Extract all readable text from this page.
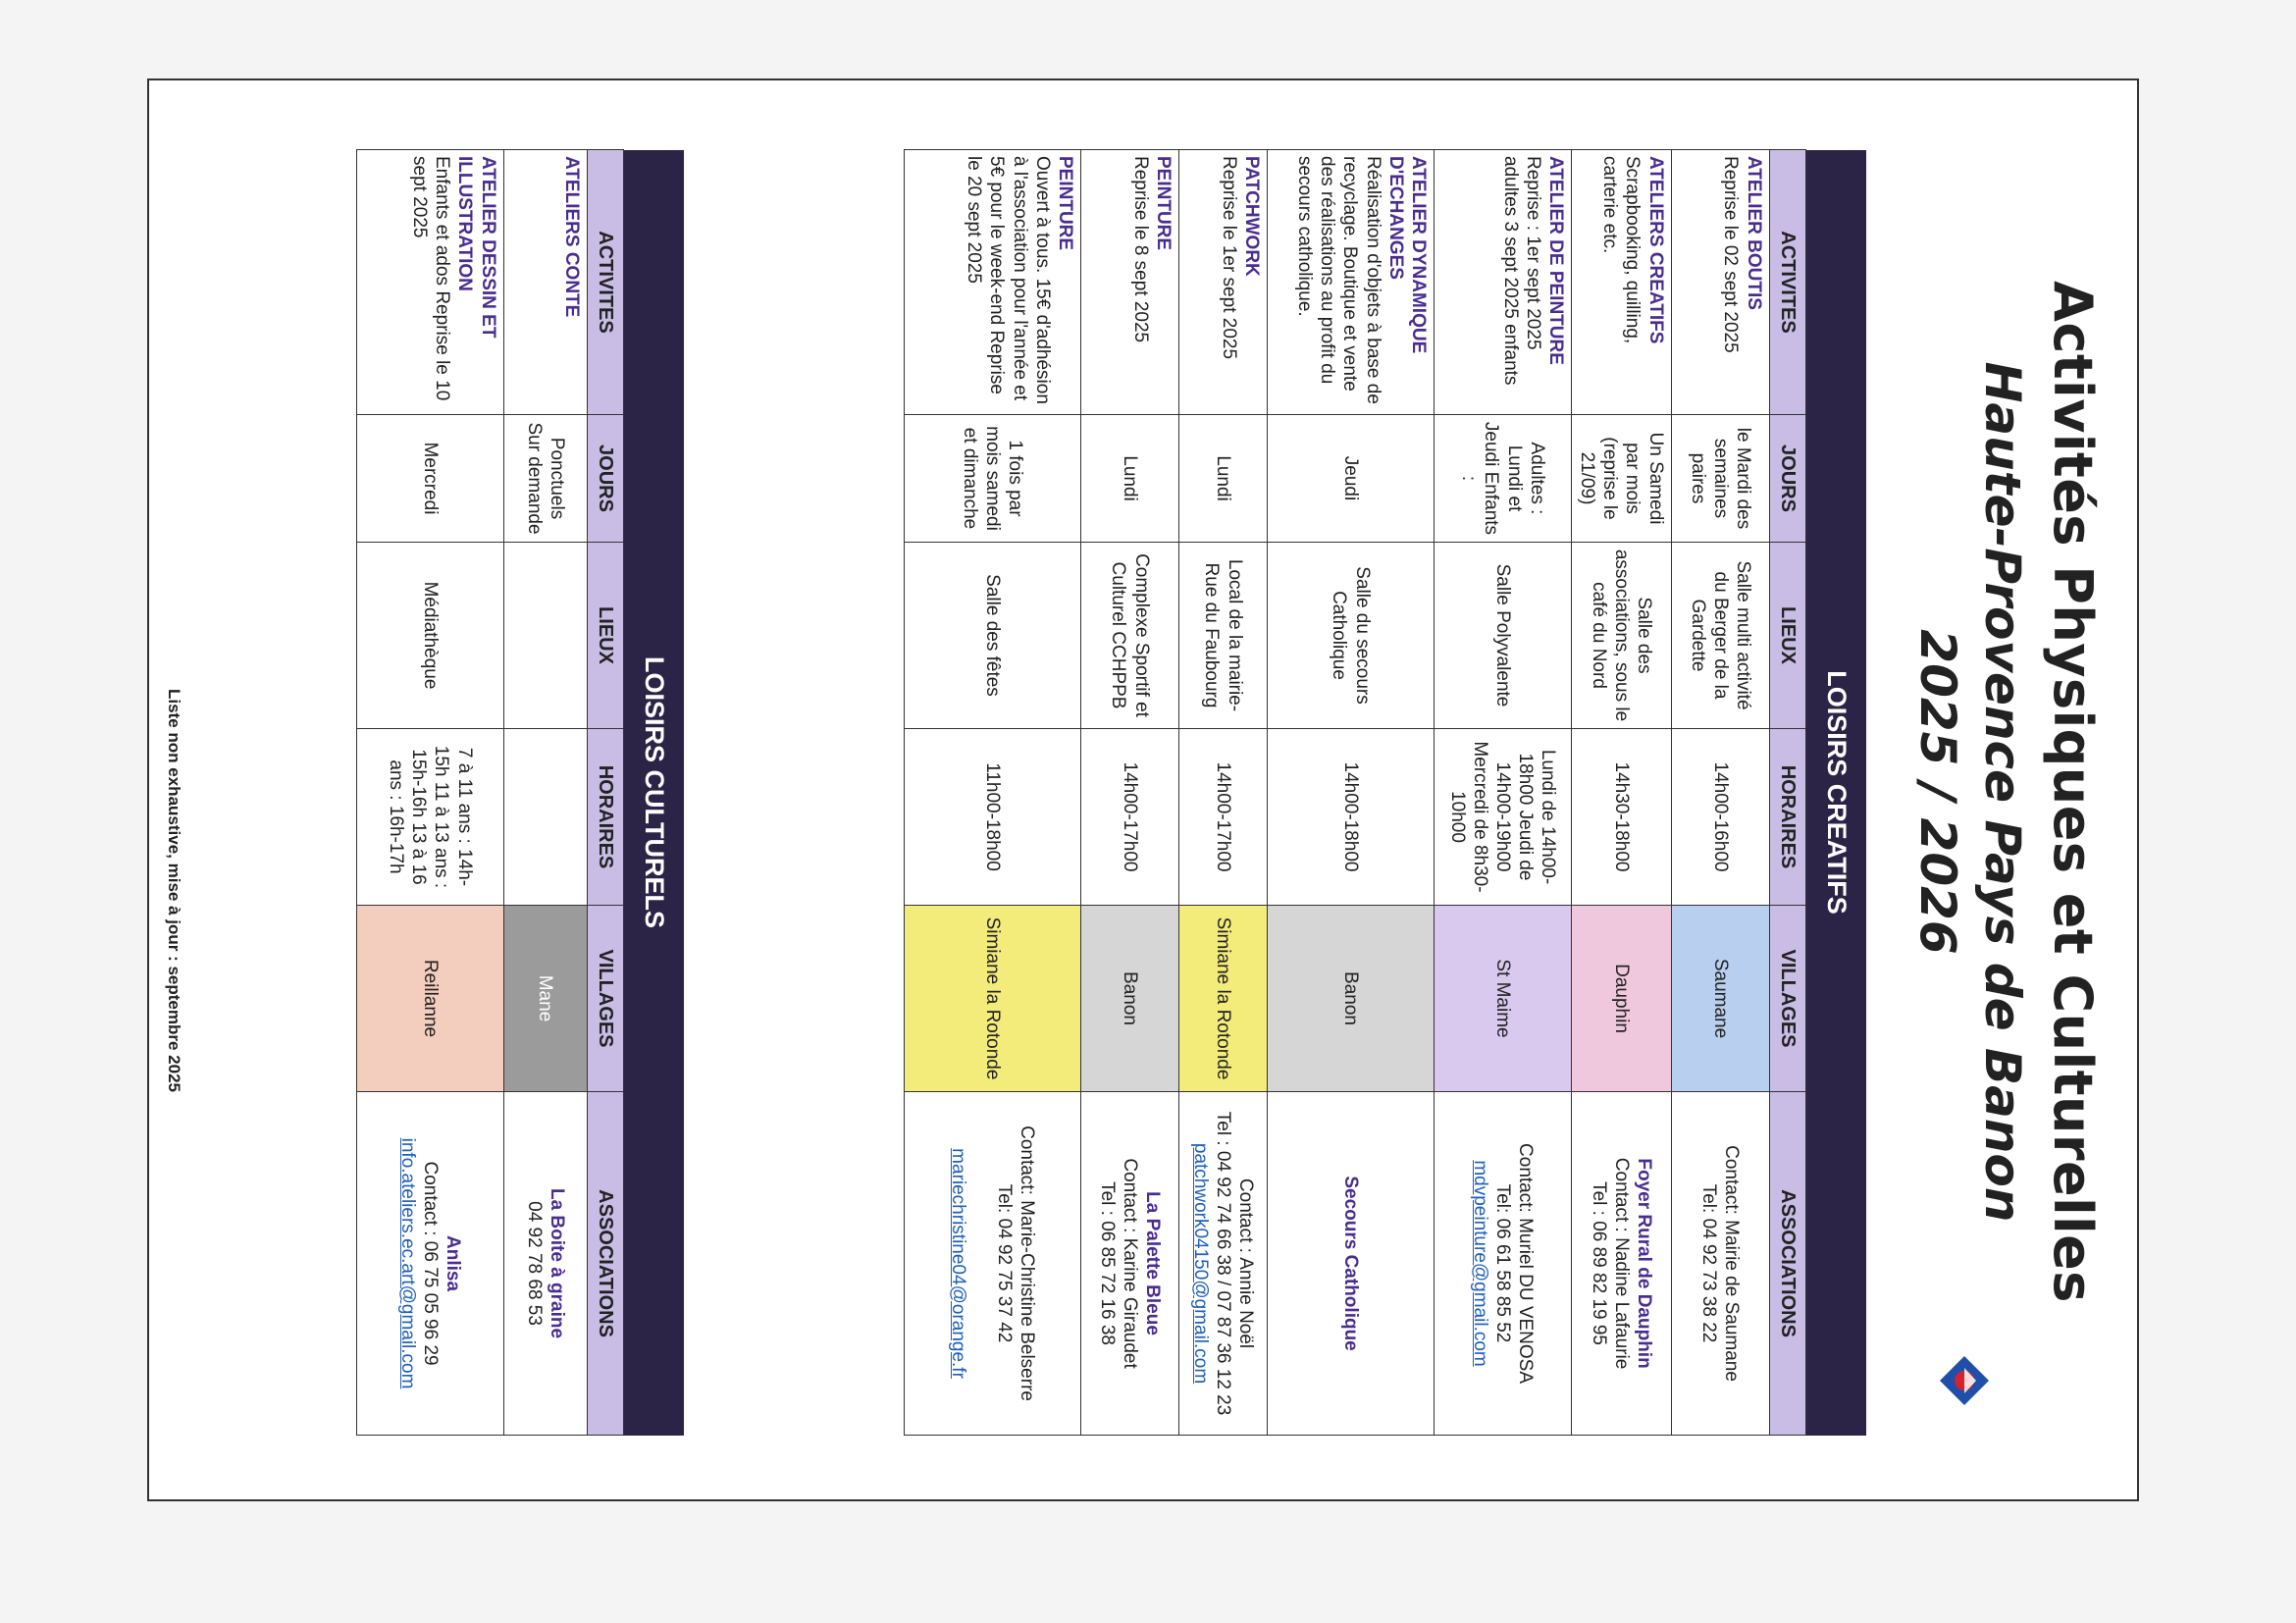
Activités Physiques et Culturelles
Haute-Provence Pays de Banon
2025 / 2026
LOISIRS CREATIFS					
ACTIVITES	JOURS	LIEUX	HORAIRES	VILLAGES	ASSOCIATIONS

ATELIER BOUTIS
Reprise le 02 sept 2025	le Mardi des semaines paires	Salle multi activité du Berger de la Gardette	14h00-16h00	Saumane	Contact: Mairie de Saumane
Tel: 04 92 73 38 22

ATELIERS CREATIFS
Scrapbooking, quilling, carterie etc.	Un Samedi par mois (reprise le 21/09)	Salle des associations, sous le café du Nord	14h30-18h00	Dauphin	Foyer Rural de Dauphin
Contact : Nadine Lafaurie
Tel : 06 89 82 19 95

ATELIER DE PEINTURE
Reprise : 1er sept 2025 adultes 3 sept 2025 enfants	Adultes : Lundi et Jeudi Enfants :	Salle Polyvalente	Lundi de 14h00-18h00 Jeudi de 14h00-19h00 Mercredi de 8h30-10h00	St Maime	Contact: Muriel DU VENOSA
Tel: 06 61 58 85 52
mdvpeinture@gmail.com

ATELIER DYNAMIQUE D'ECHANGES
Réalisation d'objets à base de recyclage. Boutique et vente des réalisations au profit du secours catholique.	Jeudi	Salle du secours Catholique	14h00-18h00	Banon	Secours Catholique

PATCHWORK
Reprise le 1er sept 2025	Lundi	Local de la mairie- Rue du Faubourg	14h00-17h00	Simiane la Rotonde	Contact : Annie Noël
Tel : 04 92 74 66 38 / 07 87 36 12 23
patchwork04150@gmail.com

PEINTURE
Reprise le 8 sept 2025	Lundi	Complexe Sportif et Culturel CCHPPB	14h00-17h00	Banon	La Palette Bleue
Contact : Karine Giraudet
Tel : 06 85 72 16 38

PEINTURE
Ouvert à tous. 15€ d'adhésion à l'association pour l'année et 5€ pour le week-end Reprise le 20 sept 2025	1 fois par mois samedi et dimanche	Salle des fêtes	11h00-18h00	Simiane la Rotonde	Contact: Marie-Christine Belserre
Tel: 04 92 75 37 42

mariechristine04@orange.fr
LOISIRS CULTURELS					
ACTIVITES	JOURS	LIEUX	HORAIRES	VILLAGES	ASSOCIATIONS

ATELIERS CONTE	Ponctuels Sur demande			Mane	La Boite à graine
04 92 78 68 53

ATELIER DESSIN ET ILLUSTRATION
Enfants et ados Reprise le 10 sept 2025	Mercredi	Médiathèque	7 à 11 ans : 14h-15h 11 à 13 ans : 15h-16h 13 à 16 ans : 16h-17h	Reillanne	Anlisa
Contact : 06 75 05 96 29
info.ateliers.ec.art@gmail.com
Liste non exhaustive, mise à jour : septembre 2025
